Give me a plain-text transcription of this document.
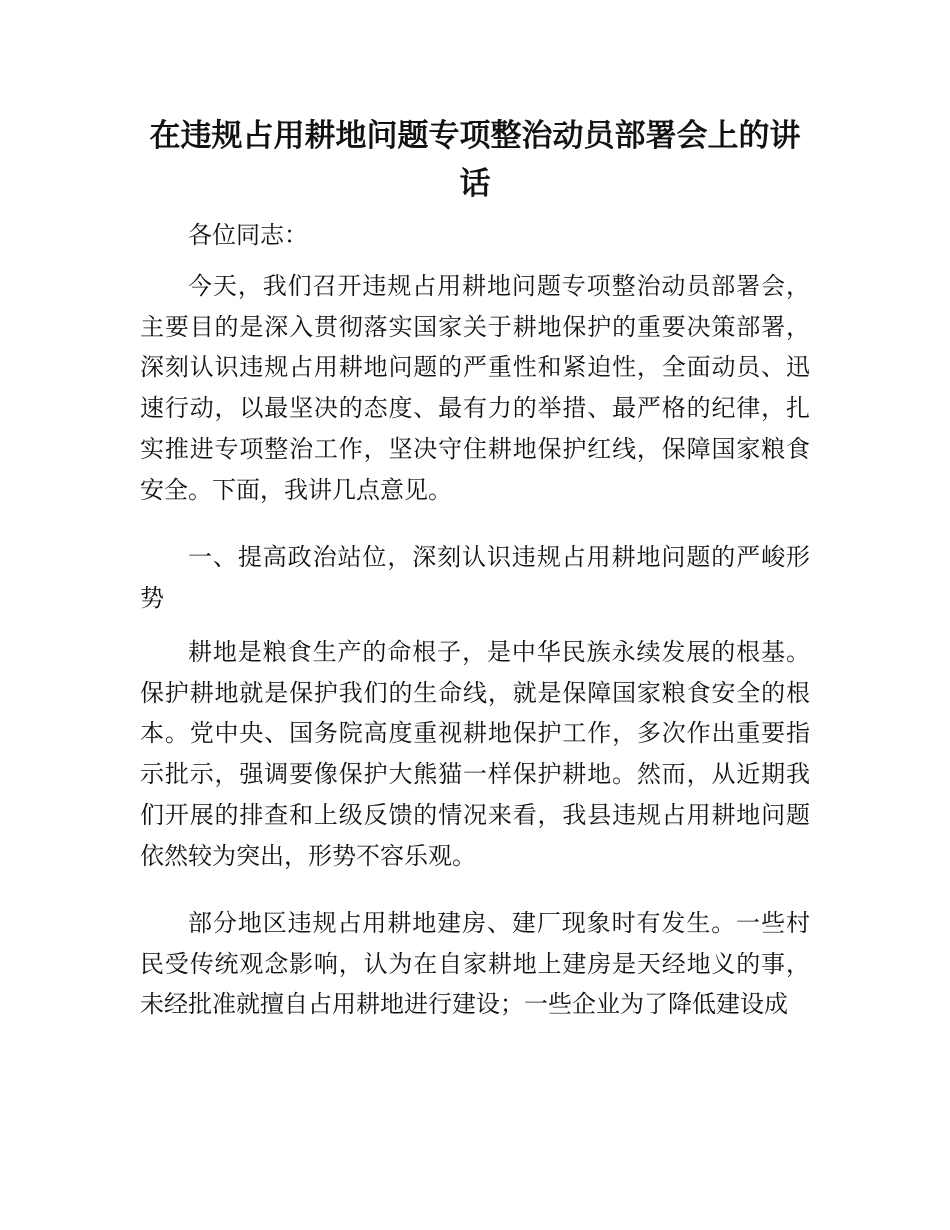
在违规占用耕地问题专项整治动员部署会上的讲话
各位同志：
今天，我们召开违规占用耕地问题专项整治动员部署会，主要目的是深入贯彻落实国家关于耕地保护的重要决策部署，深刻认识违规占用耕地问题的严重性和紧迫性，全面动员、迅速行动，以最坚决的态度、最有力的举措、最严格的纪律，扎实推进专项整治工作，坚决守住耕地保护红线，保障国家粮食安全。下面，我讲几点意见。
一、提高政治站位，深刻认识违规占用耕地问题的严峻形势
耕地是粮食生产的命根子，是中华民族永续发展的根基。保护耕地就是保护我们的生命线，就是保障国家粮食安全的根本。党中央、国务院高度重视耕地保护工作，多次作出重要指示批示，强调要像保护大熊猫一样保护耕地。然而，从近期我们开展的排查和上级反馈的情况来看，我县违规占用耕地问题依然较为突出，形势不容乐观。
部分地区违规占用耕地建房、建厂现象时有发生。一些村民受传统观念影响，认为在自家耕地上建房是天经地义的事，未经批准就擅自占用耕地进行建设；一些企业为了降低建设成
